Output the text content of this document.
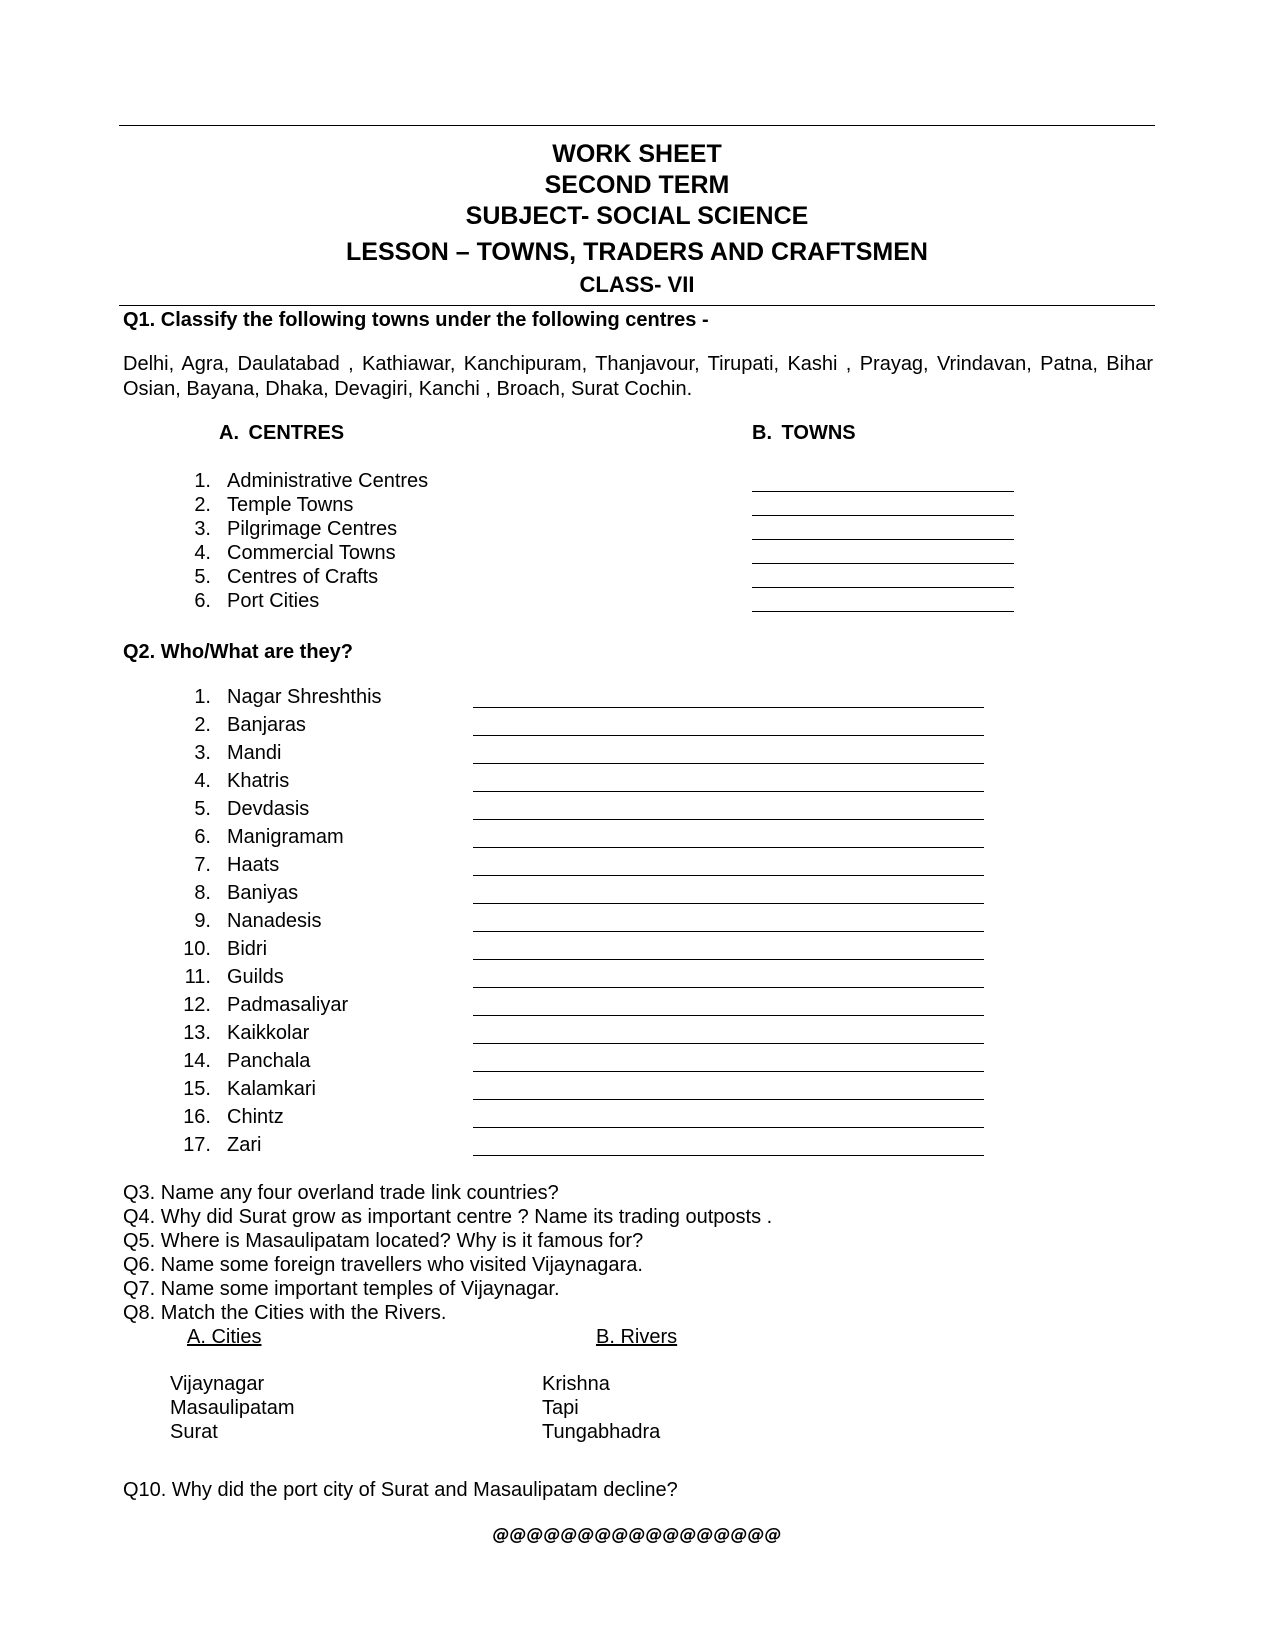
WORK SHEET
SECOND TERM
SUBJECT- SOCIAL SCIENCE
LESSON – TOWNS, TRADERS AND CRAFTSMEN
CLASS- VII
Q1. Classify the following towns under the following centres -
Delhi, Agra, Daulatabad , Kathiawar, Kanchipuram, Thanjavour, Tirupati, Kashi , Prayag, Vrindavan, Patna, Bihar Osian, Bayana, Dhaka, Devagiri, Kanchi , Broach, Surat Cochin.
A. CENTRES	B. TOWNS
1. Administrative Centres
2. Temple Towns
3. Pilgrimage Centres
4. Commercial Towns
5. Centres of Crafts
6. Port Cities
Q2. Who/What are they?
1. Nagar Shreshthis
2. Banjaras
3. Mandi
4. Khatris
5. Devdasis
6. Manigramam
7. Haats
8. Baniyas
9. Nanadesis
10. Bidri
11. Guilds
12. Padmasaliyar
13. Kaikkolar
14. Panchala
15. Kalamkari
16. Chintz
17. Zari
Q3. Name any four overland trade link countries?
Q4. Why did Surat grow as important centre ? Name its trading outposts .
Q5. Where is Masaulipatam located? Why is it famous for?
Q6. Name some foreign travellers who visited Vijaynagara.
Q7. Name some important temples of Vijaynagar.
Q8. Match the Cities with the Rivers.
A. Cities	B. Rivers
Vijaynagar
Masaulipatam
Surat
Krishna
Tapi
Tungabhadra
Q10. Why did the port city of Surat and Masaulipatam decline?
@@@@@@@@@@@@@@@@@
